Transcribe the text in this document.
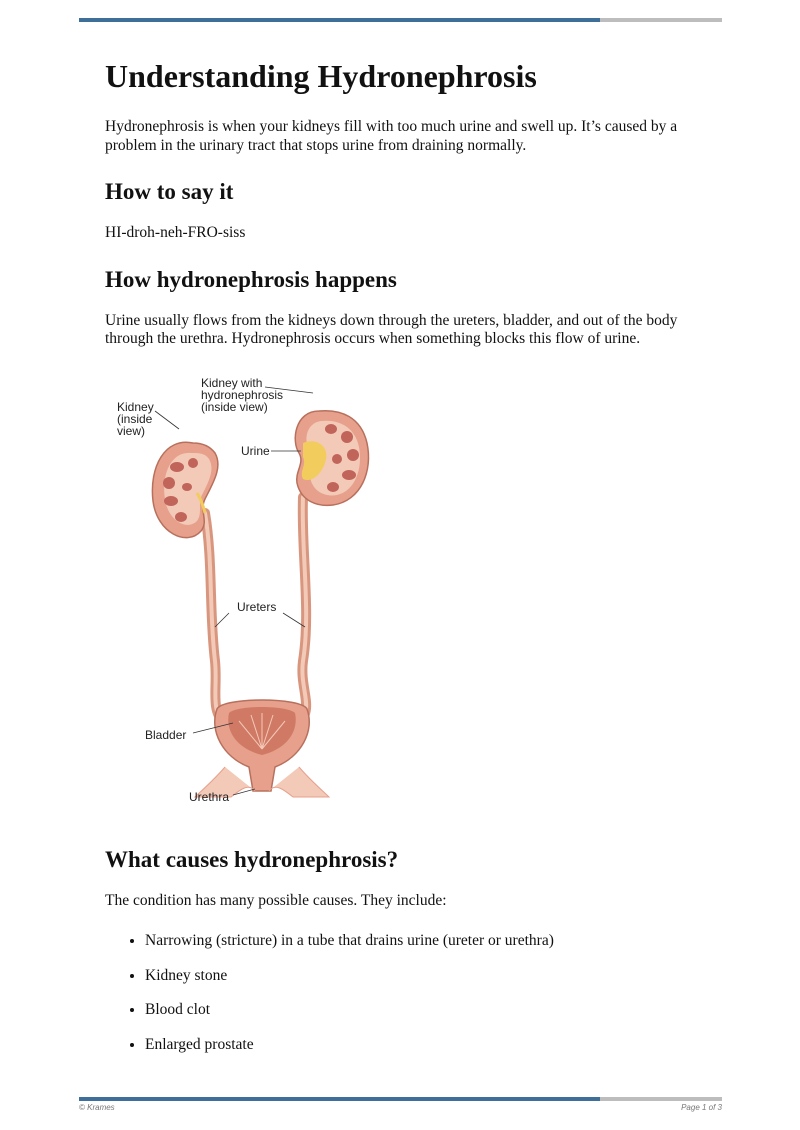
Understanding Hydronephrosis

Hydronephrosis is when your kidneys fill with too much urine and swell up. It’s caused by a problem in the urinary tract that stops urine from draining normally.

How to say it

HI-droh-neh-FRO-siss

How hydronephrosis happens

Urine usually flows from the kidneys down through the ureters, bladder, and out of the body through the urethra. Hydronephrosis occurs when something blocks this flow of urine.

Kidney
(inside
view)
Kidney with
hydronephrosis
(inside view)
Urine
Ureters
Bladder
Urethra
What causes hydronephrosis?

The condition has many possible causes. They include:

• Narrowing (stricture) in a tube that drains urine (ureter or urethra)
• Kidney stone
• Blood clot
• Enlarged prostate
© Krames	Page 1 of 3
